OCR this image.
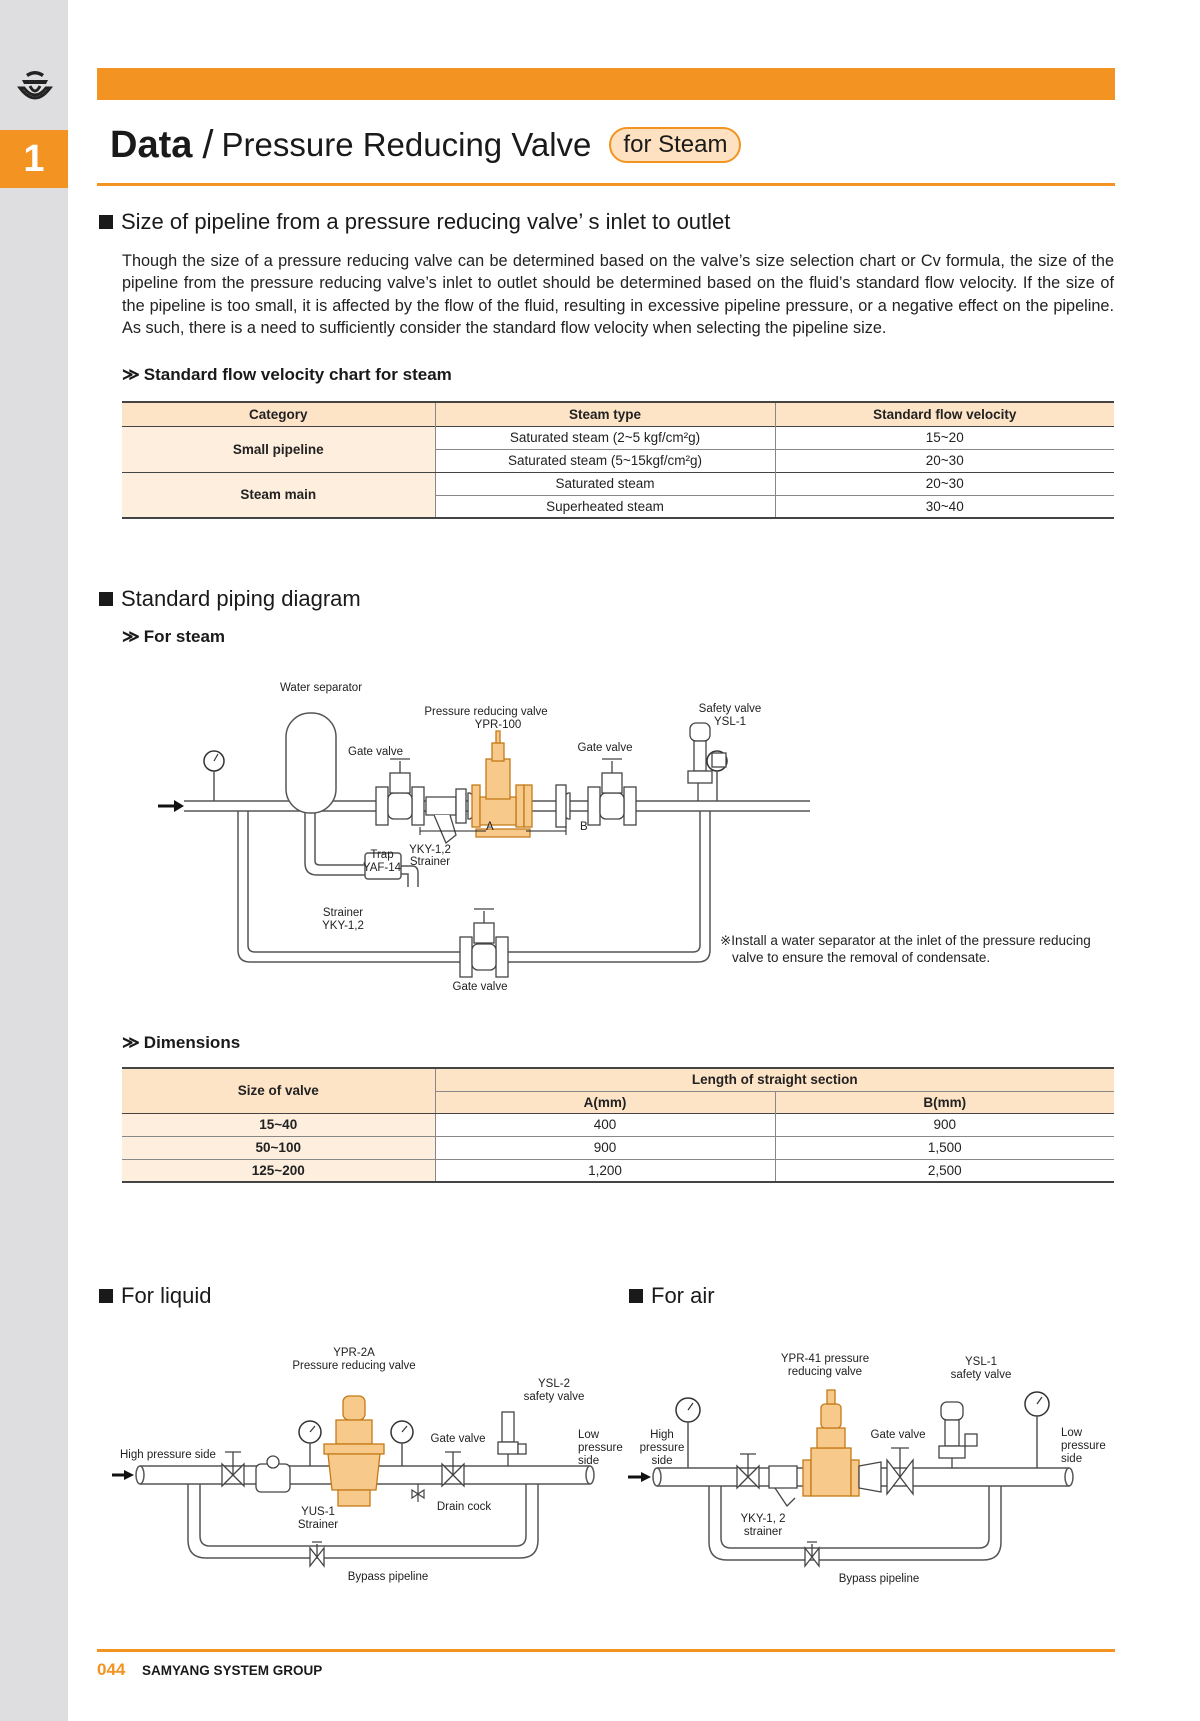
1	Data / Pressure Reducing Valve	for Steam
Size of pipeline from a pressure reducing valve’ s inlet to outlet
Though the size of a pressure reducing valve can be determined based on the valve’s size selection chart or Cv formula, the size of the pipeline from the pressure reducing valve’s inlet to outlet should be determined based on the fluid’s standard flow velocity. If the size of the pipeline is too small, it is affected by the flow of the fluid, resulting in excessive pipeline pressure, or a negative effect on the pipeline. As such, there is a need to sufficiently consider the standard flow velocity when selecting the pipeline size.
≫ Standard flow velocity chart for steam
Category	Steam type	Standard flow velocity
Small pipeline	Saturated steam (2~5 kgf/cm²g)	15~20
	Saturated steam (5~15kgf/cm²g)	20~30
Steam main	Saturated steam	20~30
	Superheated steam	30~40
Standard piping diagram
≫ For steam
Water separator
Gate valve
Pressure reducing valve
YPR-100
Gate valve
Safety valve
YSL-1
A	B
YKY-1,2
Strainer
Trap
YAF-14
Strainer
YKY-1,2
Gate valve
※Install a water separator at the inlet of the pressure reducing
valve to ensure the removal of condensate.
≫ Dimensions
Size of valve	Length of straight section	
	A(mm)	B(mm)
15~40	400	900
50~100	900	1,500
125~200	1,200	2,500
For liquid
YPR-2A
Pressure reducing valve
YSL-2
safety valve
High pressure side
Gate valve	Low
pressure
side
YUS-1
Strainer
Drain cock
Bypass pipeline
For air
YPR-41 pressure
reducing valve
YSL-1
safety valve
High
pressure
side
Gate valve	Low
pressure
side
YKY-1, 2
strainer
Bypass pipeline
044 SAMYANG SYSTEM GROUP
